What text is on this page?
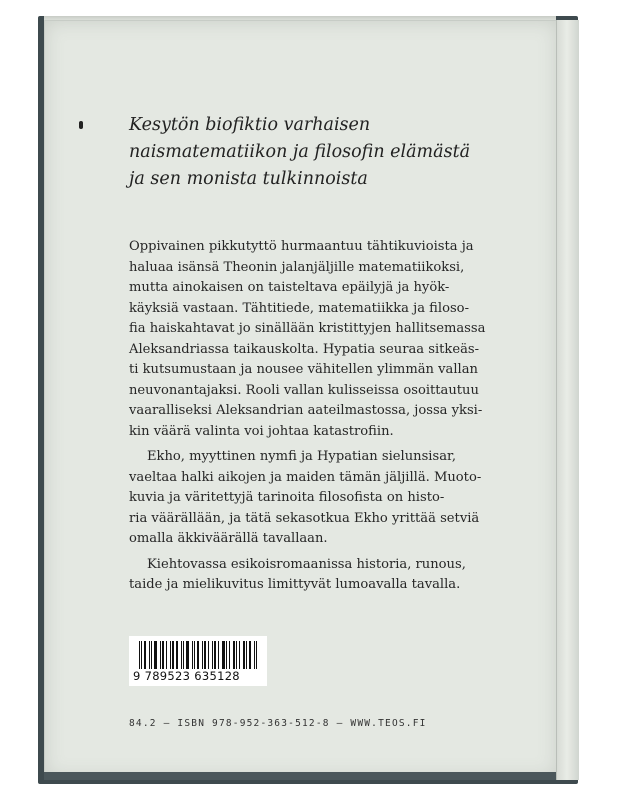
Kesytön biofiktio varhaisen
naismatematiikon ja filosofin elämästä
ja sen monista tulkinnoista

Oppivainen pikkutyttö hurmaantuu tähtikuvioista ja

haluaa isänsä Theonin jalanjäljille matematiikoksi,

mutta ainokaisen on taisteltava epäilyjä ja hyök-

käyksiä vastaan. Tähtitiede, matematiikka ja filoso-

fia haiskahtavat jo sinällään kristittyjen hallitsemassa

Aleksandriassa taikauskolta. Hypatia seuraa sitkeäs-

ti kutsumustaan ja nousee vähitellen ylimmän vallan

neuvonantajaksi. Rooli vallan kulisseissa osoittautuu

vaaralliseksi Aleksandrian aateilmastossa, jossa yksi-

kin väärä valinta voi johtaa katastrofiin.

Ekho, myyttinen nymfi ja Hypatian sielunsisar,

vaeltaa halki aikojen ja maiden tämän jäljillä. Muoto-

kuvia ja väritettyjä tarinoita filosofista on histo-

ria väärällään, ja tätä sekasotkua Ekho yrittää setviä

omalla äkkiväärällä tavallaan.

Kiehtovassa esikoisromaanissa historia, runous,

taide ja mielikuvitus limittyvät lumoavalla tavalla.

9 789523 635128
84.2 — ISBN 978-952-363-512-8 — WWW.TEOS.FI
